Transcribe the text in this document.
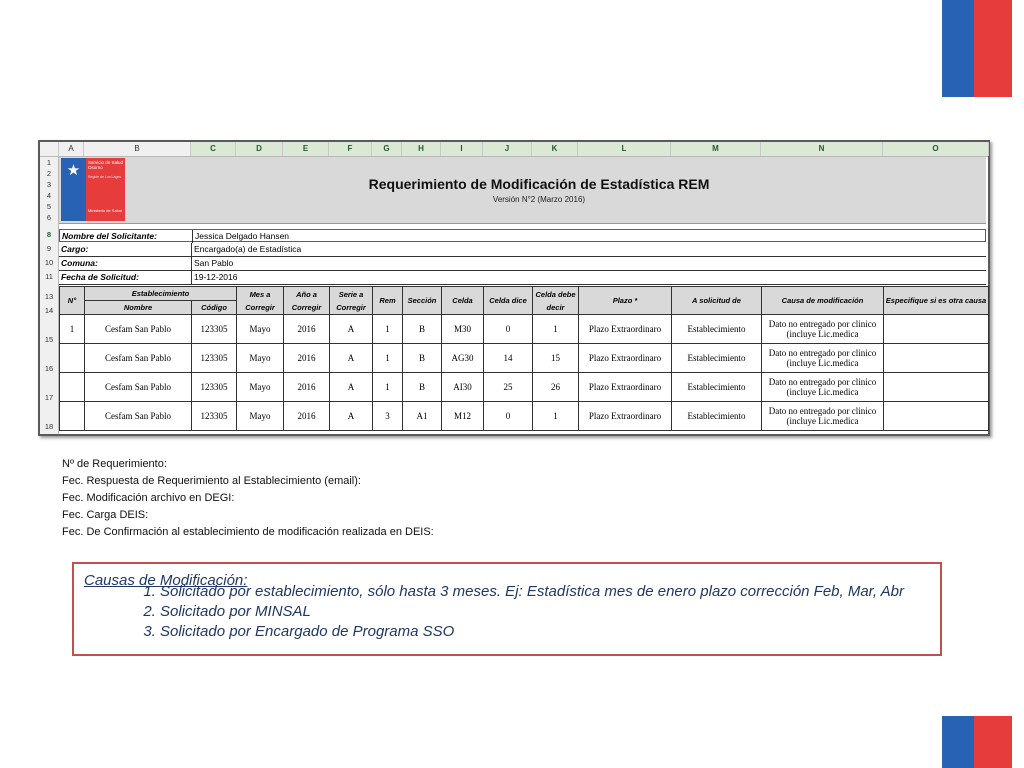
A	B	C	D	E	F	G	H	I	J	K	L	M	N	O
1
2
3
4
5
6
8
9
10
11
13
14
15
16
17
18
★	Servicio de Salud Osorno
Región de Los Lagos
Ministerio de Salud
Requerimiento de Modificación de Estadística REM
Versión N°2 (Marzo 2016)
Nombre del Solicitante:	Jessica Delgado Hansen
Cargo:	Encargado(a) de Estadística
Comuna:	San Pablo
Fecha de Solicitud:	19-12-2016
N°	Establecimiento		Mes a Corregir	Año a Corregir	Serie a Corregir	Rem	Sección	Celda	Celda dice	Celda debe decir	Plazo *	A solicitud de	Causa de modificación	Especifique si es otra causa
	Nombre	Código												
1	Cesfam San Pablo	123305	Mayo	2016	A	1	B	M30	0	1	Plazo Extraordinaro	Establecimiento	Dato no entregado por clinico (incluye Lic.medica	
	Cesfam San Pablo	123305	Mayo	2016	A	1	B	AG30	14	15	Plazo Extraordinaro	Establecimiento	Dato no entregado por clinico (incluye Lic.medica	
	Cesfam San Pablo	123305	Mayo	2016	A	1	B	AI30	25	26	Plazo Extraordinaro	Establecimiento	Dato no entregado por clinico (incluye Lic.medica	
	Cesfam San Pablo	123305	Mayo	2016	A	3	A1	M12	0	1	Plazo Extraordinaro	Establecimiento	Dato no entregado por clinico (incluye Lic.medica	
Nº de Requerimiento:
Fec. Respuesta de Requerimiento al Establecimiento (email):
Fec. Modificación archivo en DEGI:
Fec. Carga DEIS:
Fec. De Confirmación al establecimiento de modificación realizada en DEIS:
Causas de Modificación:
1. Solicitado por establecimiento, sólo hasta 3 meses. Ej: Estadística mes de enero plazo corrección Feb, Mar, Abr
2. Solicitado por MINSAL
3. Solicitado por Encargado de Programa SSO
